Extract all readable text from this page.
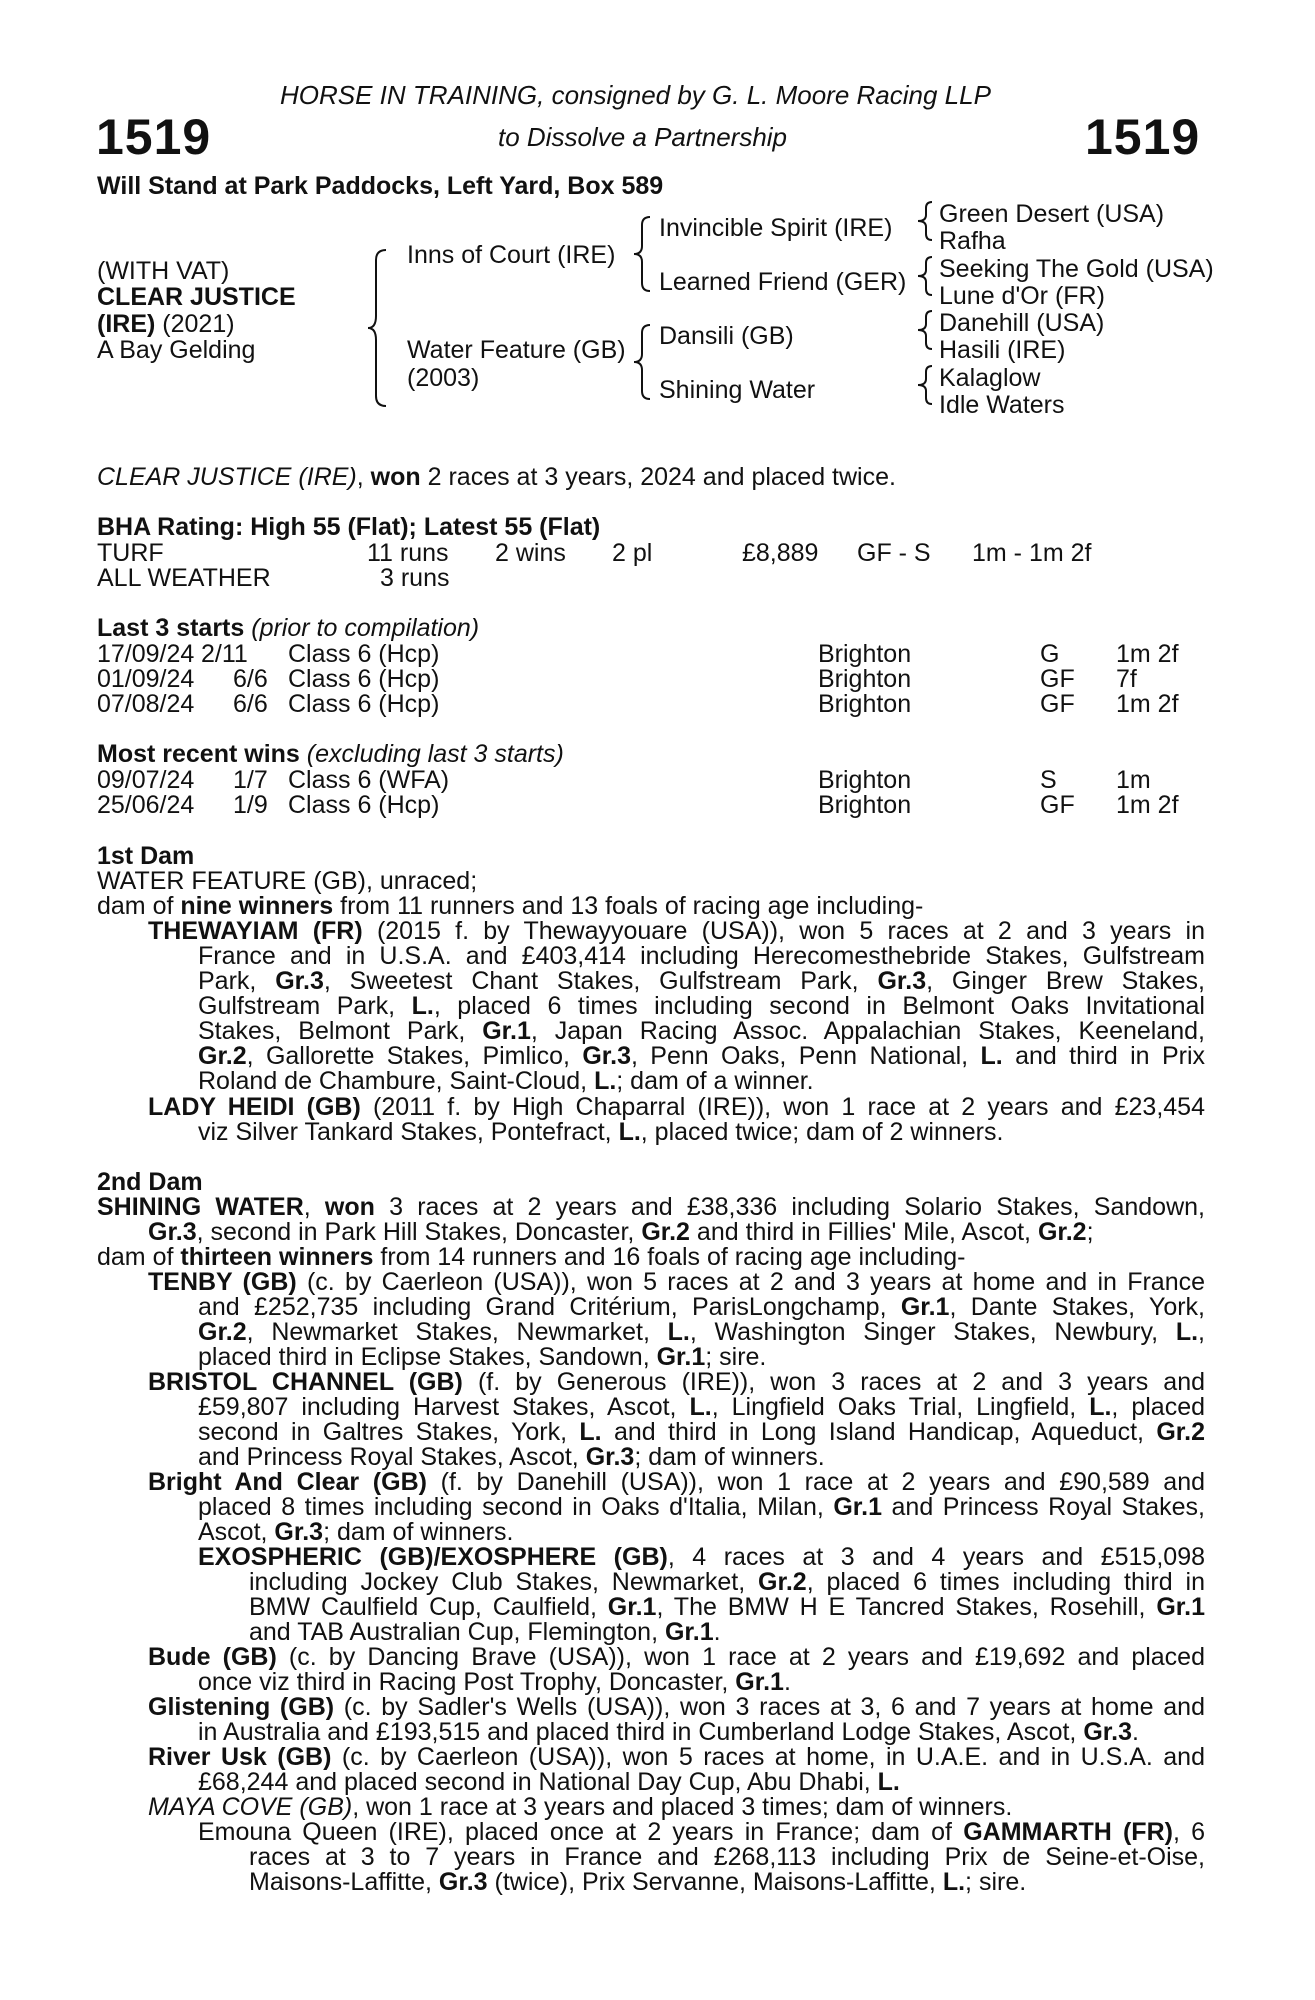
HORSE IN TRAINING, consigned by G. L. Moore Racing LLP
to Dissolve a Partnership
1519	1519
Will Stand at Park Paddocks, Left Yard, Box 589
(WITH VAT)
CLEAR JUSTICE
(IRE) (2021)
A Bay Gelding
Inns of Court (IRE)
Water Feature (GB)
(2003)
Invincible Spirit (IRE)
Learned Friend (GER)
Dansili (GB)
Shining Water
Green Desert (USA)
Rafha
Seeking The Gold (USA)
Lune d'Or (FR)
Danehill (USA)
Hasili (IRE)
Kalaglow
Idle Waters
CLEAR JUSTICE (IRE), won 2 races at 3 years, 2024 and placed twice.
BHA Rating: High 55 (Flat); Latest 55 (Flat)
TURF	11 runs 2 wins 2 pl	£8,889 GF - S 1m - 1m 2f
ALL WEATHER	3 runs
Last 3 starts (prior to compilation)
17/09/24 2/11 Class 6 (Hcp)	Brighton	G 1m 2f
01/09/24 6/6 Class 6 (Hcp)	Brighton	GF 7f
07/08/24 6/6 Class 6 (Hcp)	Brighton	GF 1m 2f
Most recent wins (excluding last 3 starts)
09/07/24 1/7 Class 6 (WFA)	Brighton	S 1m
25/06/24 1/9 Class 6 (Hcp)	Brighton	GF 1m 2f
1st Dam
WATER FEATURE (GB), unraced;
dam of nine winners from 11 runners and 13 foals of racing age including-
THEWAYIAM (FR) (2015 f. by Thewayyouare (USA)), won 5 races at 2 and 3 years in
France and in U.S.A. and £403,414 including Herecomesthebride Stakes, Gulfstream
Park, Gr.3, Sweetest Chant Stakes, Gulfstream Park, Gr.3, Ginger Brew Stakes,
Gulfstream Park, L., placed 6 times including second in Belmont Oaks Invitational
Stakes, Belmont Park, Gr.1, Japan Racing Assoc. Appalachian Stakes, Keeneland,
Gr.2, Gallorette Stakes, Pimlico, Gr.3, Penn Oaks, Penn National, L. and third in Prix
Roland de Chambure, Saint-Cloud, L.; dam of a winner.
LADY HEIDI (GB) (2011 f. by High Chaparral (IRE)), won 1 race at 2 years and £23,454
viz Silver Tankard Stakes, Pontefract, L., placed twice; dam of 2 winners.
2nd Dam
SHINING WATER, won 3 races at 2 years and £38,336 including Solario Stakes, Sandown,
Gr.3, second in Park Hill Stakes, Doncaster, Gr.2 and third in Fillies' Mile, Ascot, Gr.2;
dam of thirteen winners from 14 runners and 16 foals of racing age including-
TENBY (GB) (c. by Caerleon (USA)), won 5 races at 2 and 3 years at home and in France
and £252,735 including Grand Critérium, ParisLongchamp, Gr.1, Dante Stakes, York,
Gr.2, Newmarket Stakes, Newmarket, L., Washington Singer Stakes, Newbury, L.,
placed third in Eclipse Stakes, Sandown, Gr.1; sire.
BRISTOL CHANNEL (GB) (f. by Generous (IRE)), won 3 races at 2 and 3 years and
£59,807 including Harvest Stakes, Ascot, L., Lingfield Oaks Trial, Lingfield, L., placed
second in Galtres Stakes, York, L. and third in Long Island Handicap, Aqueduct, Gr.2
and Princess Royal Stakes, Ascot, Gr.3; dam of winners.
Bright And Clear (GB) (f. by Danehill (USA)), won 1 race at 2 years and £90,589 and
placed 8 times including second in Oaks d'Italia, Milan, Gr.1 and Princess Royal Stakes,
Ascot, Gr.3; dam of winners.
EXOSPHERIC (GB)/EXOSPHERE (GB), 4 races at 3 and 4 years and £515,098
including Jockey Club Stakes, Newmarket, Gr.2, placed 6 times including third in
BMW Caulfield Cup, Caulfield, Gr.1, The BMW H E Tancred Stakes, Rosehill, Gr.1
and TAB Australian Cup, Flemington, Gr.1.
Bude (GB) (c. by Dancing Brave (USA)), won 1 race at 2 years and £19,692 and placed
once viz third in Racing Post Trophy, Doncaster, Gr.1.
Glistening (GB) (c. by Sadler's Wells (USA)), won 3 races at 3, 6 and 7 years at home and
in Australia and £193,515 and placed third in Cumberland Lodge Stakes, Ascot, Gr.3.
River Usk (GB) (c. by Caerleon (USA)), won 5 races at home, in U.A.E. and in U.S.A. and
£68,244 and placed second in National Day Cup, Abu Dhabi, L.
MAYA COVE (GB), won 1 race at 3 years and placed 3 times; dam of winners.
Emouna Queen (IRE), placed once at 2 years in France; dam of GAMMARTH (FR), 6
races at 3 to 7 years in France and £268,113 including Prix de Seine-et-Oise,
Maisons-Laffitte, Gr.3 (twice), Prix Servanne, Maisons-Laffitte, L.; sire.
